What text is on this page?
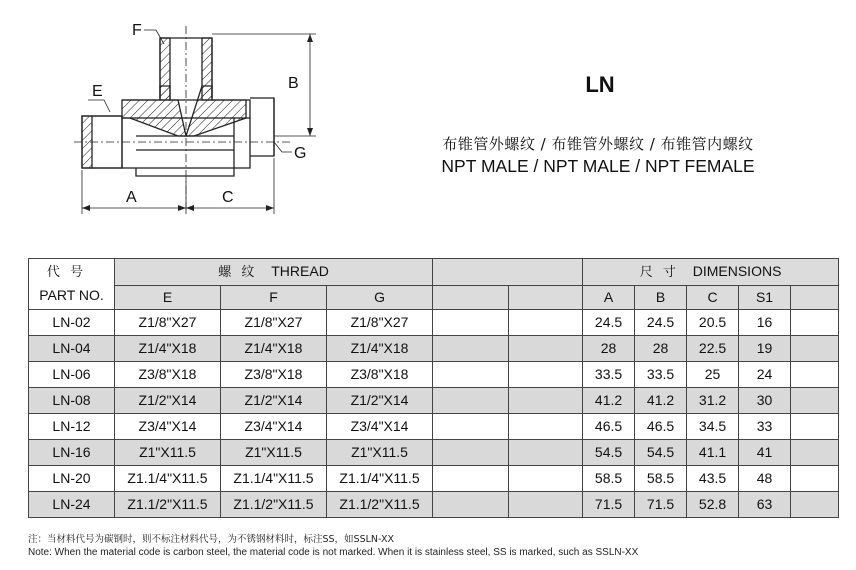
F
E	B
G
A	C
LN
布锥管外螺纹 / 布锥管外螺纹 / 布锥管内螺纹
NPT MALE / NPT MALE / NPT FEMALE
代 号
PART NO.	螺 纹 THREAD					尺 寸 DIMENSIONS				
	E	F	G			A	B	C	S1	
LN-02	Z1/8"X27	Z1/8"X27	Z1/8"X27			24.5	24.5	20.5	16	
LN-04	Z1/4"X18	Z1/4"X18	Z1/4"X18			28	28	22.5	19	
LN-06	Z3/8"X18	Z3/8"X18	Z3/8"X18			33.5	33.5	25	24	
LN-08	Z1/2"X14	Z1/2"X14	Z1/2"X14			41.2	41.2	31.2	30	
LN-12	Z3/4"X14	Z3/4"X14	Z3/4"X14			46.5	46.5	34.5	33	
LN-16	Z1"X11.5	Z1"X11.5	Z1"X11.5			54.5	54.5	41.1	41	
LN-20	Z1.1/4"X11.5	Z1.1/4"X11.5	Z1.1/4"X11.5			58.5	58.5	43.5	48	
LN-24	Z1.1/2"X11.5	Z1.1/2"X11.5	Z1.1/2"X11.5			71.5	71.5	52.8	63	
注：当材料代号为碳钢时，则不标注材料代号，为不锈钢材料时，标注SS，如SSLN-XX
Note: When the material code is carbon steel, the material code is not marked. When it is stainless steel, SS is marked, such as SSLN-XX
